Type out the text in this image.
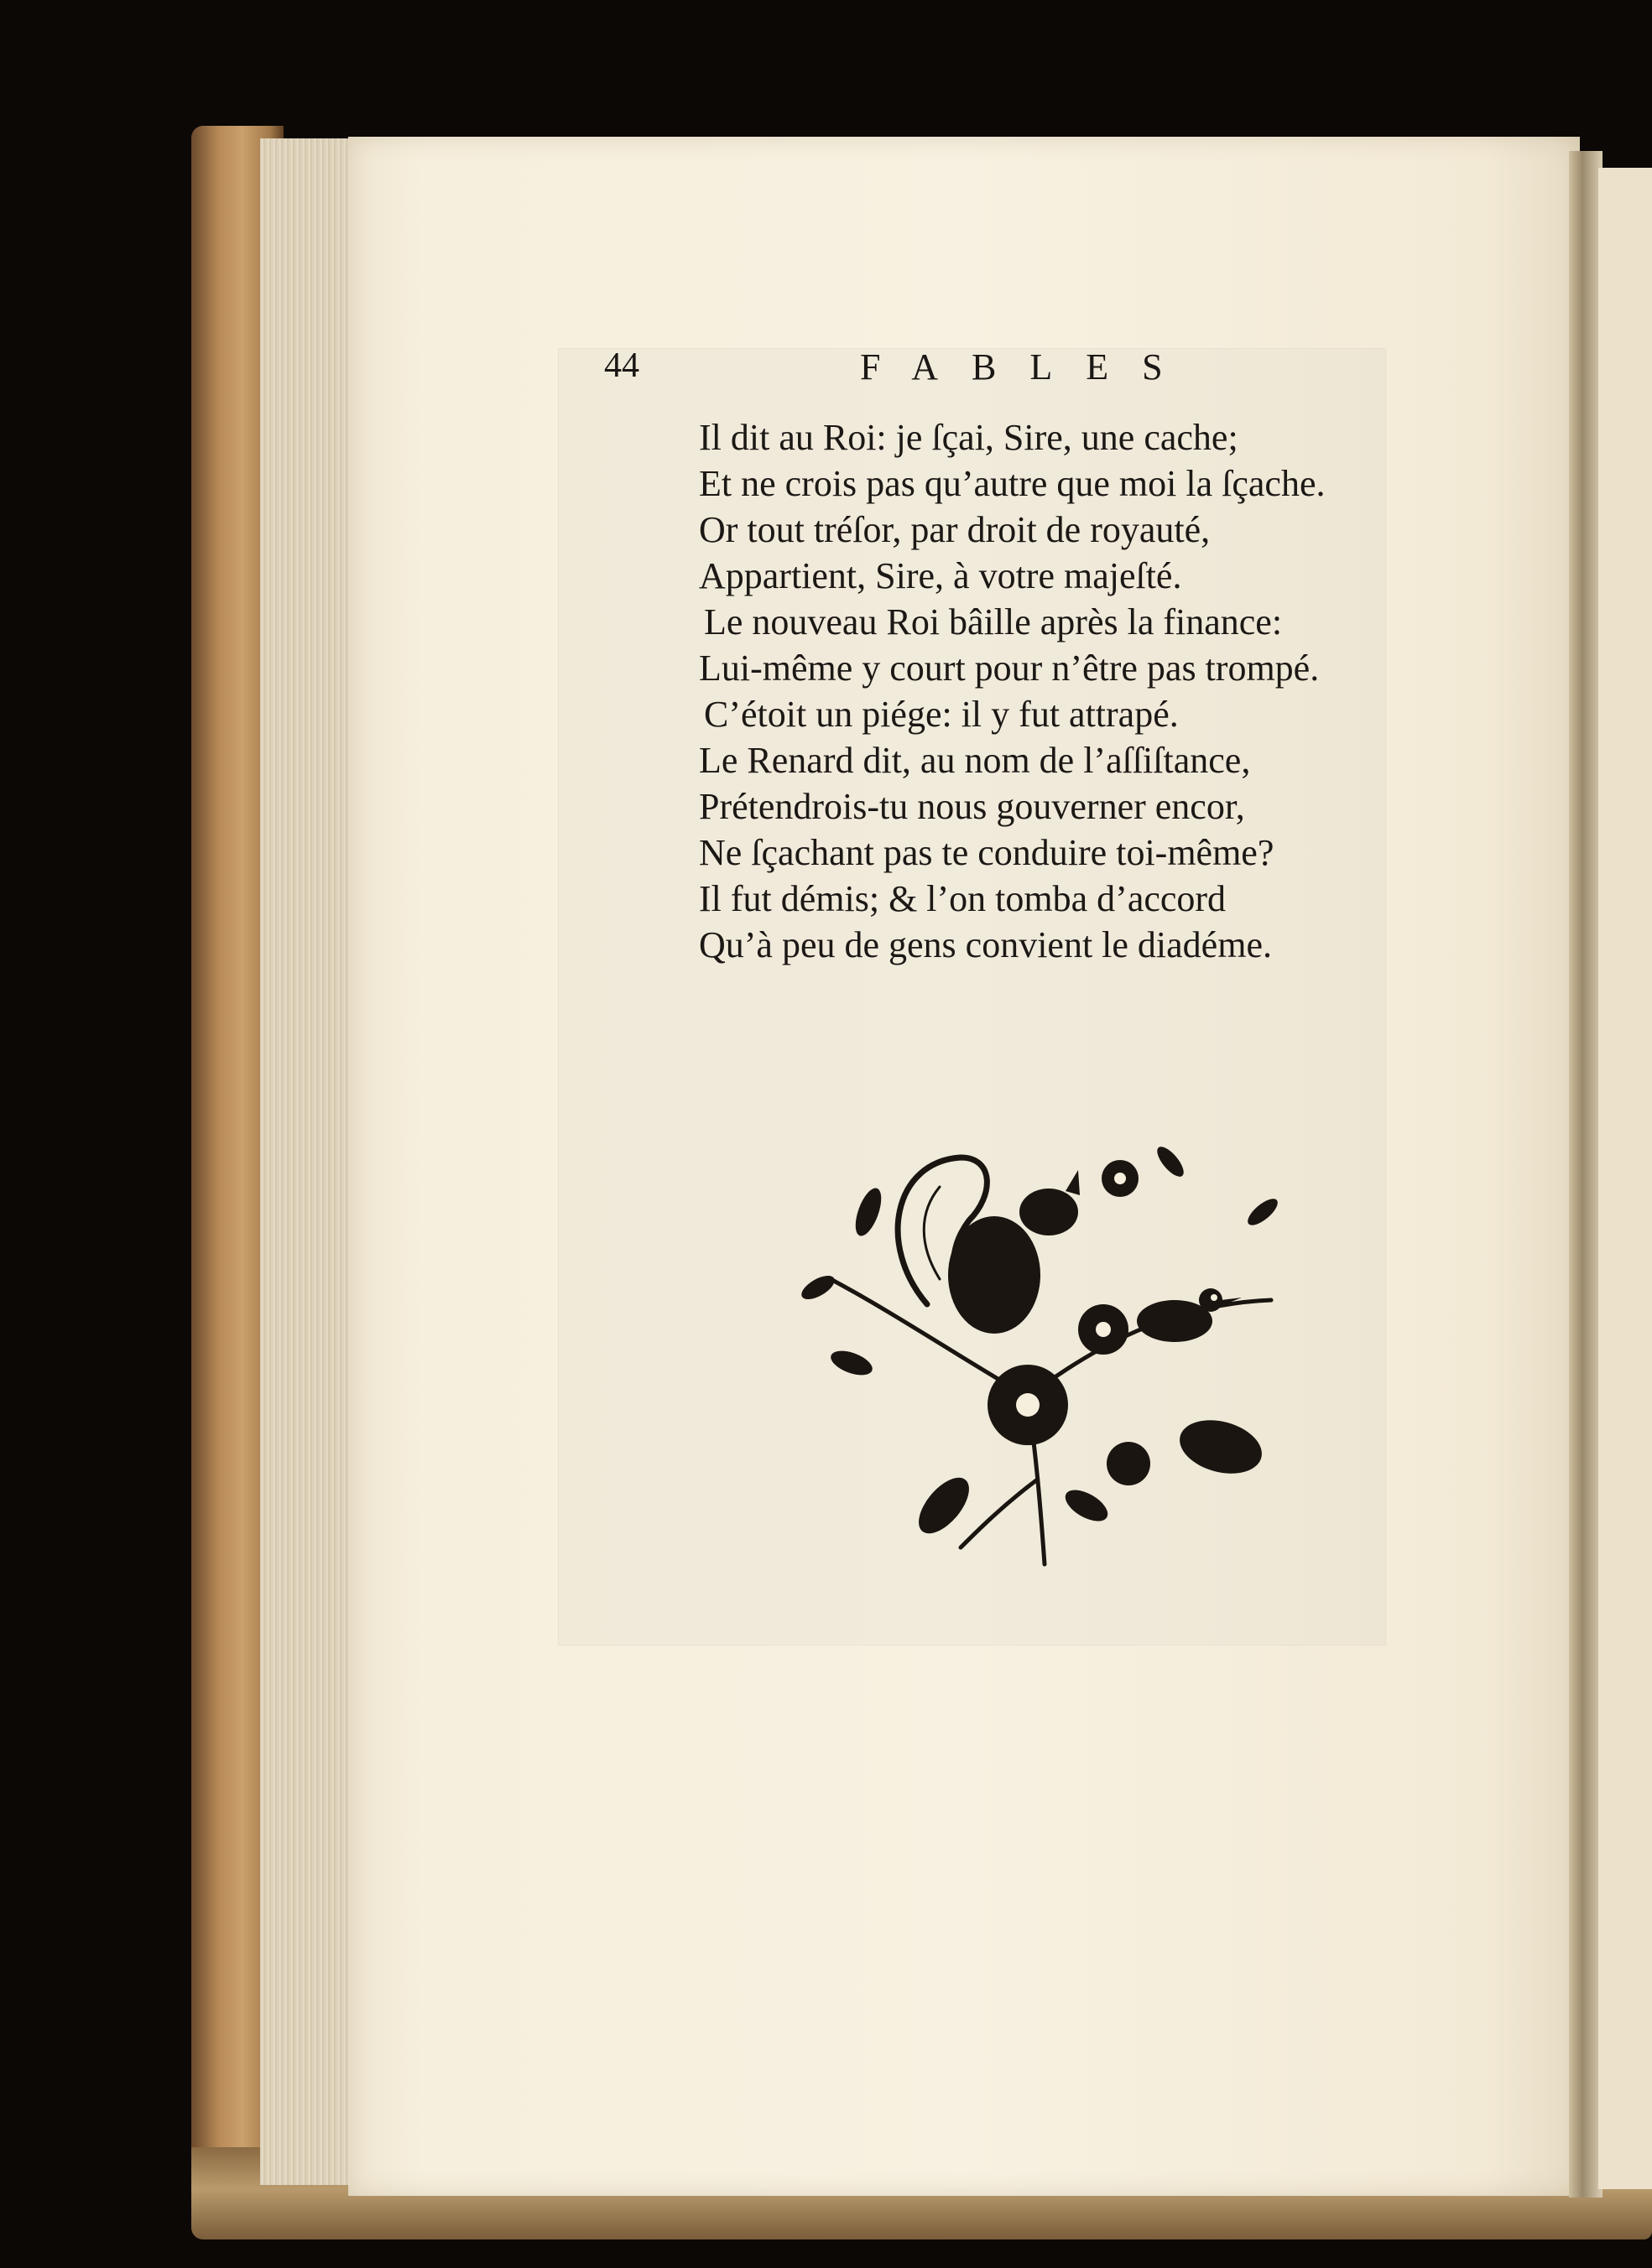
44	FABLES
Il dit au Roi: je ſçai, Sire, une cache;
Et ne crois pas qu’autre que moi la ſçache.
Or tout tréſor, par droit de royauté,
Appartient, Sire, à votre majeſté.
Le nouveau Roi bâille après la finance:
Lui-même y court pour n’être pas trompé.
C’étoit un piége: il y fut attrapé.
Le Renard dit, au nom de l’aſſiſtance,
Prétendrois-tu nous gouverner encor,
Ne ſçachant pas te conduire toi-même?
Il fut démis; & l’on tomba d’accord
Qu’à peu de gens convient le diadéme.
